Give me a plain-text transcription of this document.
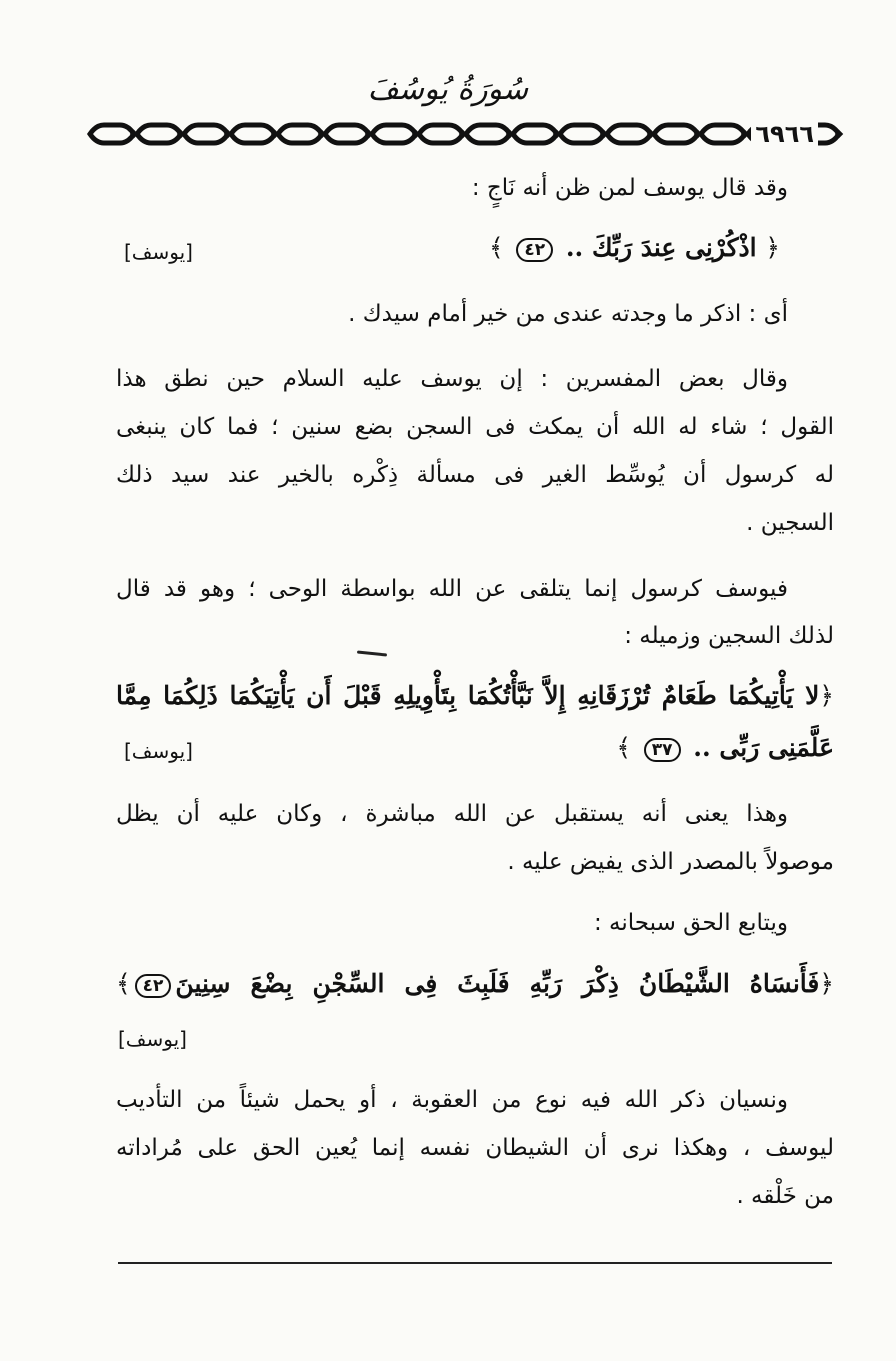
سُورَةُ يُوسُفَ
٦٩٦٦
وقد قال يوسف لمن ظن أنه نَاجٍ :
﴿ اذْكُرْنِى عِندَ رَبِّكَ .. ٤٢ ﴾
[يوسف]
أى : اذكر ما وجدته عندى من خير أمام سيدك .
وقال بعض المفسرين : إن يوسف عليه السلام حين نطق هذا
القول ؛ شاء له الله أن يمكث فى السجن بضع سنين ؛ فما كان ينبغى
له كرسول أن يُوسِّط الغير فى مسألة ذِكْره بالخير عند سيد ذلك
السجين .
فيوسف كرسول إنما يتلقى عن الله بواسطة الوحى ؛ وهو قد قال
لذلك السجين وزميله :
﴿لا يَأْتِيكُمَا طَعَامٌ تُرْزَقَانِهِ إِلاَّ نَبَّأْتُكُمَا بِتَأْوِيلِهِ قَبْلَ أَن يَأْتِيَكُمَا ذَلِكُمَا مِمَّا
عَلَّمَنِى رَبِّى .. ٣٧ ﴾
[يوسف]
وهذا يعنى أنه يستقبل عن الله مباشرة ، وكان عليه أن يظل
موصولاً بالمصدر الذى يفيض عليه .
ويتابع الحق سبحانه :
﴿فَأَنسَاهُ الشَّيْطَانُ ذِكْرَ رَبِّهِ فَلَبِثَ فِى السِّجْنِ بِضْعَ سِنِينَ٤٢﴾
[يوسف]
ونسيان ذكر الله فيه نوع من العقوبة ، أو يحمل شيئاً من التأديب
ليوسف ، وهكذا نرى أن الشيطان نفسه إنما يُعين الحق على مُراداته
من خَلْقه .
